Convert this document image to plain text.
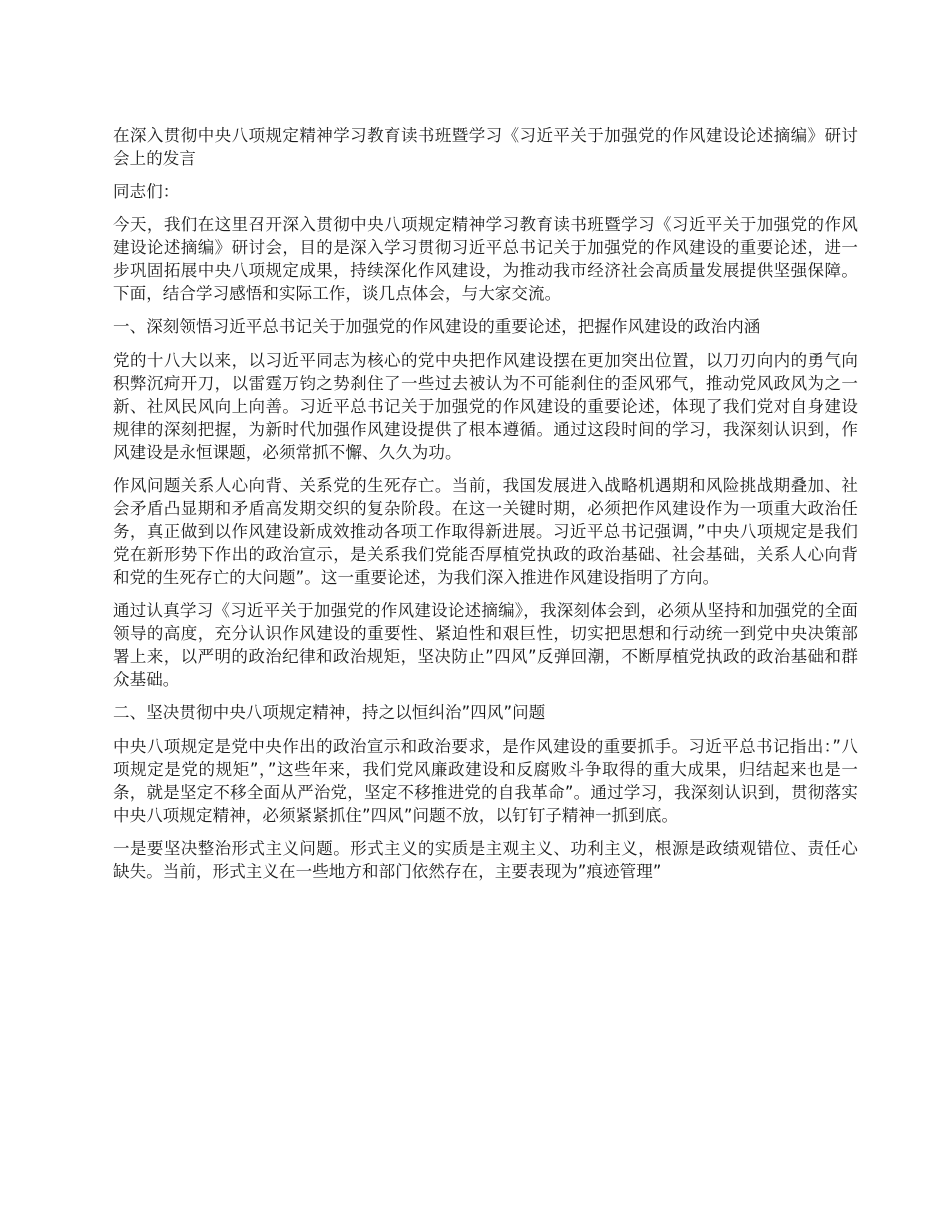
在深入贯彻中央八项规定精神学习教育读书班暨学习《习近平关于加强党的作风建设论述摘编》研讨会上的发言

同志们：

今天，我们在这里召开深入贯彻中央八项规定精神学习教育读书班暨学习《习近平关于加强党的作风建设论述摘编》研讨会，目的是深入学习贯彻习近平总书记关于加强党的作风建设的重要论述，进一步巩固拓展中央八项规定成果，持续深化作风建设，为推动我市经济社会高质量发展提供坚强保障。下面，结合学习感悟和实际工作，谈几点体会，与大家交流。

一、深刻领悟习近平总书记关于加强党的作风建设的重要论述，把握作风建设的政治内涵

党的十八大以来，以习近平同志为核心的党中央把作风建设摆在更加突出位置，以刀刃向内的勇气向积弊沉疴开刀，以雷霆万钧之势刹住了一些过去被认为不可能刹住的歪风邪气，推动党风政风为之一新、社风民风向上向善。习近平总书记关于加强党的作风建设的重要论述，体现了我们党对自身建设规律的深刻把握，为新时代加强作风建设提供了根本遵循。通过这段时间的学习，我深刻认识到，作风建设是永恒课题，必须常抓不懈、久久为功。

作风问题关系人心向背、关系党的生死存亡。当前，我国发展进入战略机遇期和风险挑战期叠加、社会矛盾凸显期和矛盾高发期交织的复杂阶段。在这一关键时期，必须把作风建设作为一项重大政治任务，真正做到以作风建设新成效推动各项工作取得新进展。习近平总书记强调，”中央八项规定是我们党在新形势下作出的政治宣示，是关系我们党能否厚植党执政的政治基础、社会基础，关系人心向背和党的生死存亡的大问题”。这一重要论述，为我们深入推进作风建设指明了方向。

通过认真学习《习近平关于加强党的作风建设论述摘编》，我深刻体会到，必须从坚持和加强党的全面领导的高度，充分认识作风建设的重要性、紧迫性和艰巨性，切实把思想和行动统一到党中央决策部署上来，以严明的政治纪律和政治规矩，坚决防止”四风”反弹回潮，不断厚植党执政的政治基础和群众基础。

二、坚决贯彻中央八项规定精神，持之以恒纠治”四风”问题

中央八项规定是党中央作出的政治宣示和政治要求，是作风建设的重要抓手。习近平总书记指出：”八项规定是党的规矩”，”这些年来，我们党风廉政建设和反腐败斗争取得的重大成果，归结起来也是一条，就是坚定不移全面从严治党，坚定不移推进党的自我革命”。通过学习，我深刻认识到，贯彻落实中央八项规定精神，必须紧紧抓住”四风”问题不放，以钉钉子精神一抓到底。

一是要坚决整治形式主义问题。形式主义的实质是主观主义、功利主义，根源是政绩观错位、责任心缺失。当前，形式主义在一些地方和部门依然存在，主要表现为”痕迹管理”
